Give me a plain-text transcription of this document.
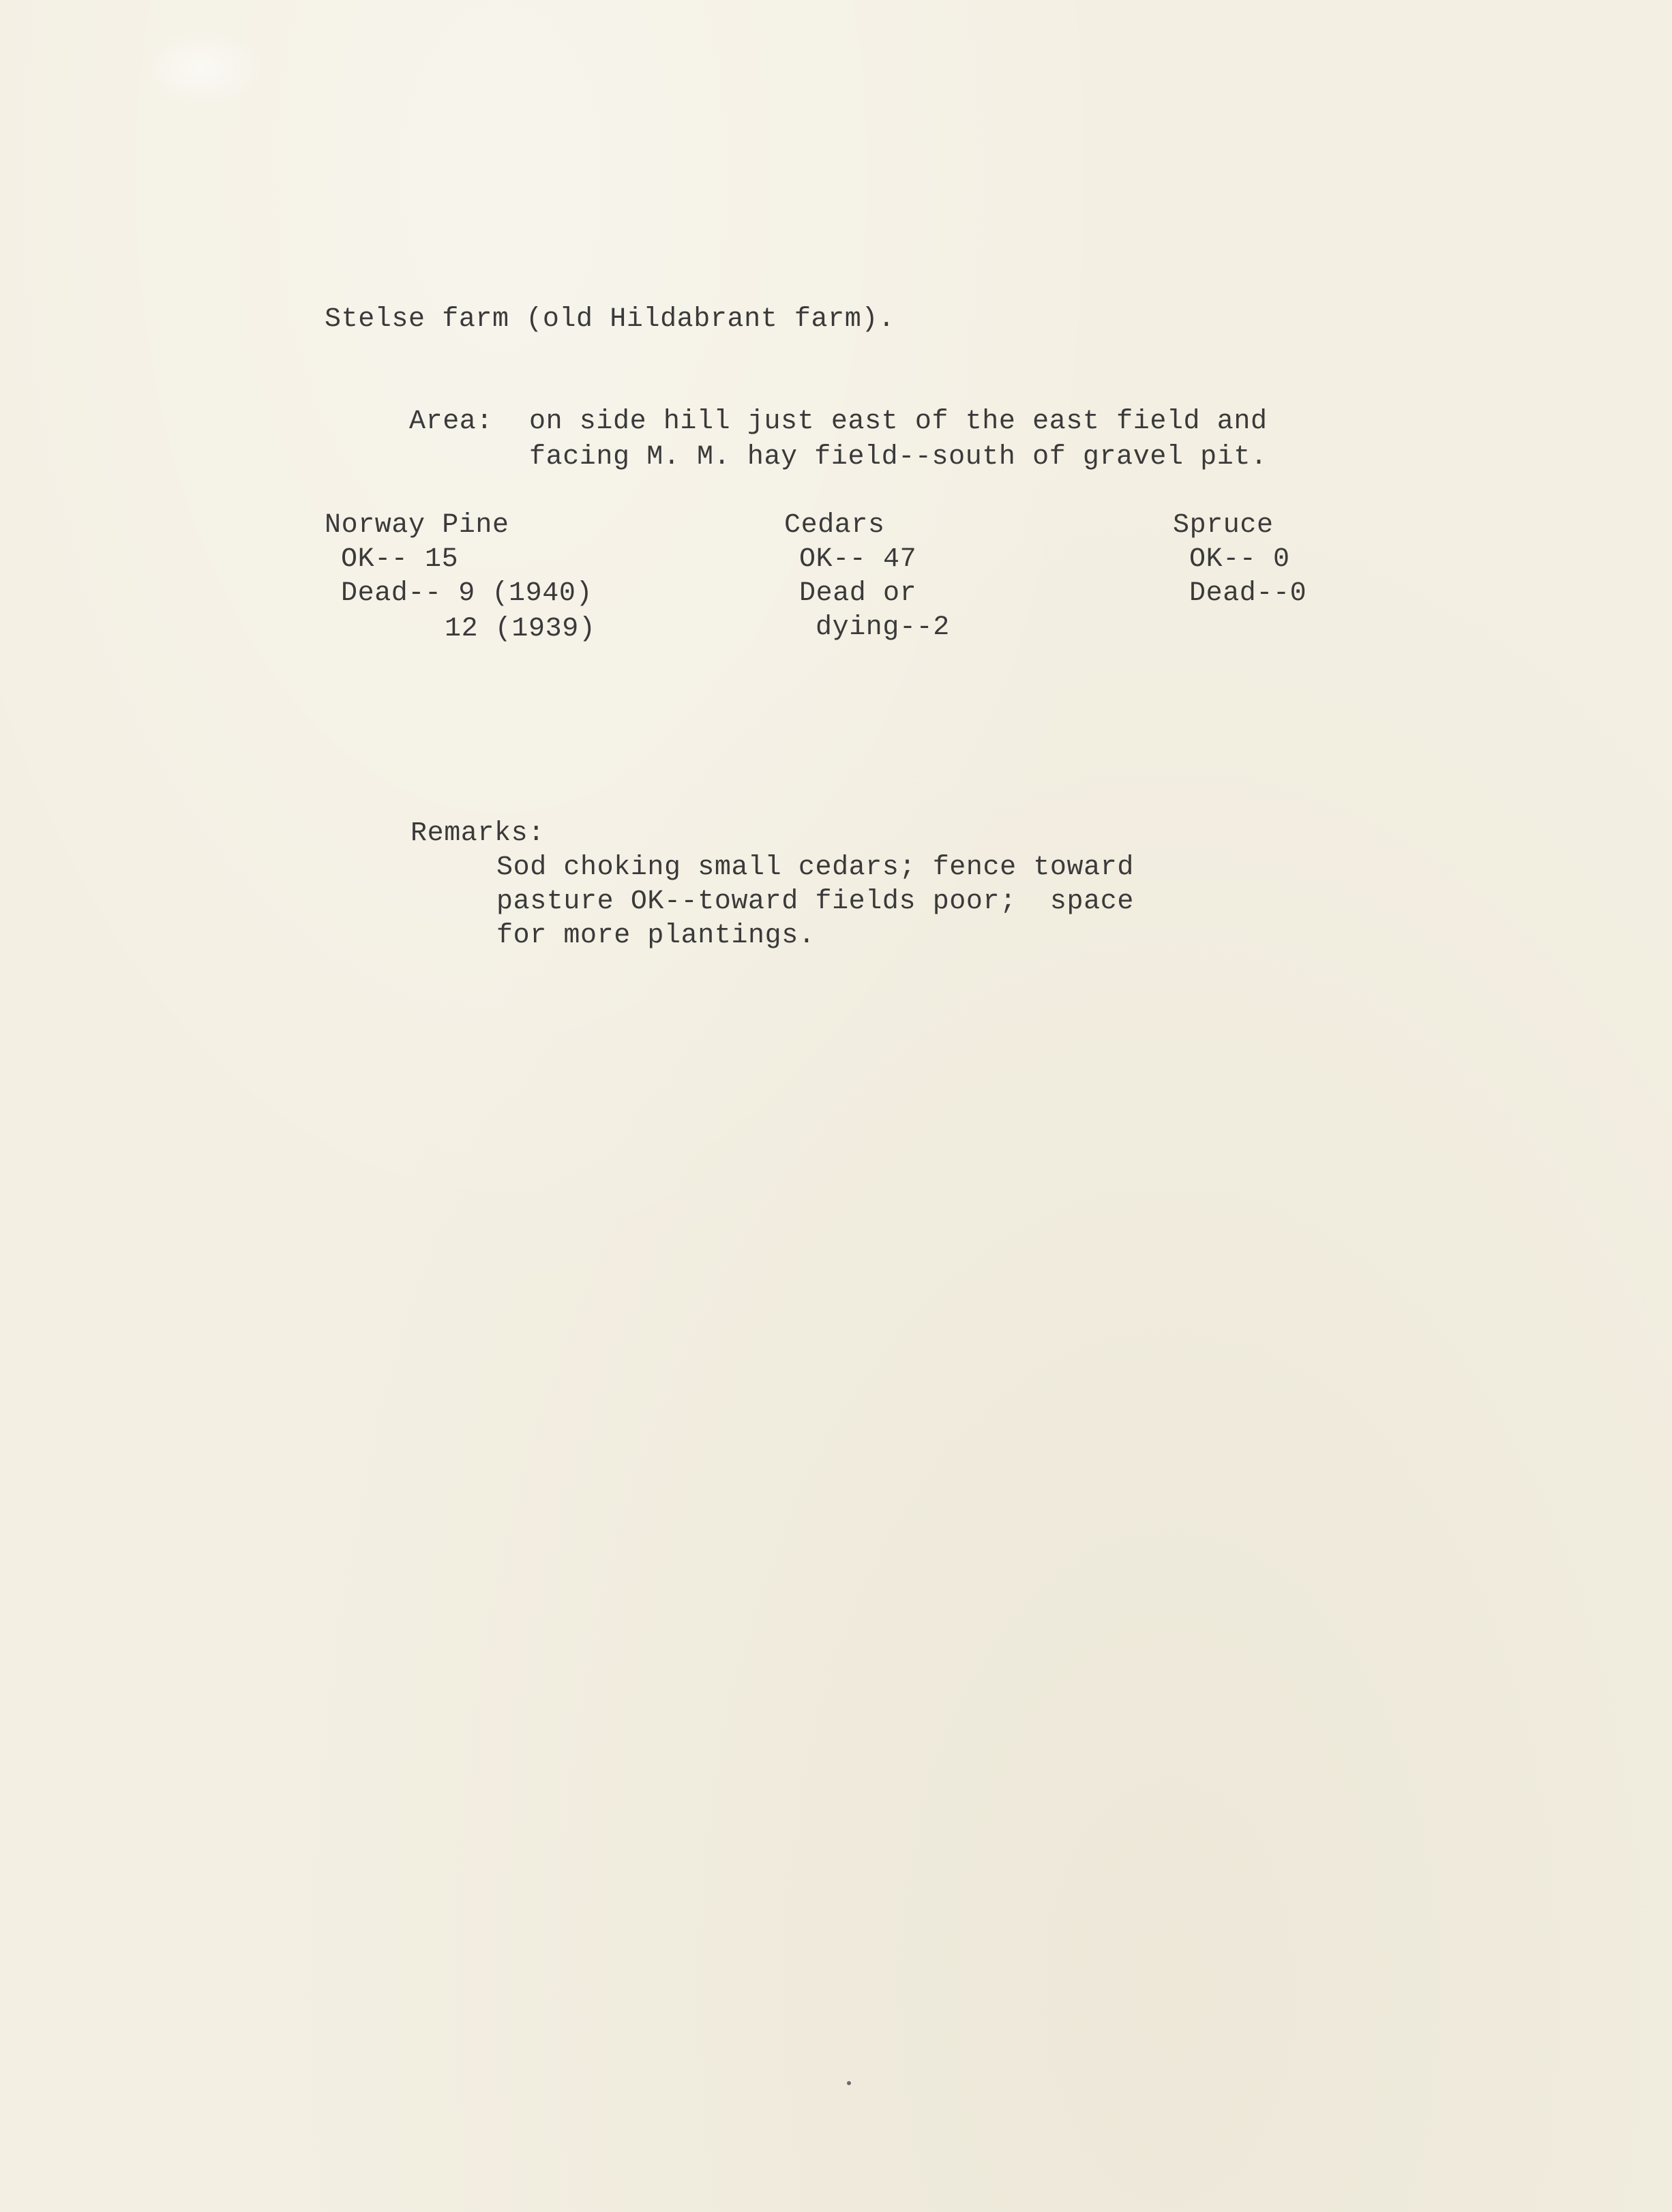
Stelse farm (old Hildabrant farm).
Area: on side hill just east of the east field and
facing M. M. hay field--south of gravel pit.
Norway Pine
OK-- 15
Dead-- 9 (1940)
12 (1939)
Cedars
OK-- 47
Dead or
dying--2
Spruce
OK-- 0
Dead--0
Remarks:
Sod choking small cedars; fence toward
pasture OK--toward fields poor;  space
for more plantings.
